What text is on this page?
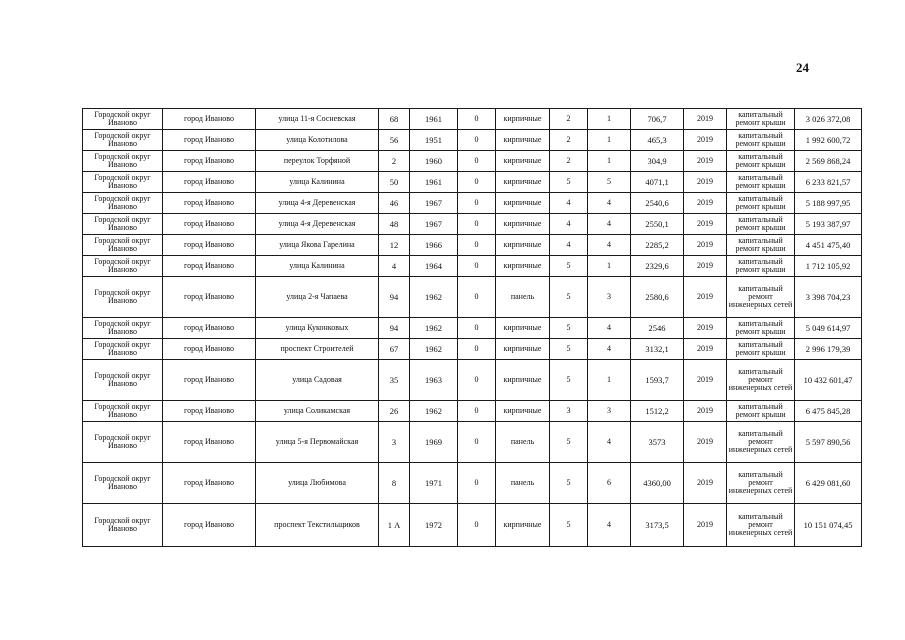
24
Городской округ Иваново	город Иваново	улица 11-я Сосневская	68	1961	0	кирпичные	2	1	706,7	2019	капитальный ремонт крыши	3 026 372,08
Городской округ Иваново	город Иваново	улица Колотилова	56	1951	0	кирпичные	2	1	465,3	2019	капитальный ремонт крыши	1 992 600,72
Городской округ Иваново	город Иваново	переулок Торфяной	2	1960	0	кирпичные	2	1	304,9	2019	капитальный ремонт крыши	2 569 868,24
Городской округ Иваново	город Иваново	улица Калинина	50	1961	0	кирпичные	5	5	4071,1	2019	капитальный ремонт крыши	6 233 821,57
Городской округ Иваново	город Иваново	улица 4-я Деревенская	46	1967	0	кирпичные	4	4	2540,6	2019	капитальный ремонт крыши	5 188 997,95
Городской округ Иваново	город Иваново	улица 4-я Деревенская	48	1967	0	кирпичные	4	4	2550,1	2019	капитальный ремонт крыши	5 193 387,97
Городской округ Иваново	город Иваново	улица Якова Гарелина	12	1966	0	кирпичные	4	4	2285,2	2019	капитальный ремонт крыши	4 451 475,40
Городской округ Иваново	город Иваново	улица Калинина	4	1964	0	кирпичные	5	1	2329,6	2019	капитальный ремонт крыши	1 712 105,92
Городской округ Иваново	город Иваново	улица 2-я Чапаева	94	1962	0	панель	5	3	2580,6	2019	капитальный ремонт инженерных сетей	3 398 704,23
Городской округ Иваново	город Иваново	улица Куконковых	94	1962	0	кирпичные	5	4	2546	2019	капитальный ремонт крыши	5 049 614,97
Городской округ Иваново	город Иваново	проспект Строителей	67	1962	0	кирпичные	5	4	3132,1	2019	капитальный ремонт крыши	2 996 179,39
Городской округ Иваново	город Иваново	улица Садовая	35	1963	0	кирпичные	5	1	1593,7	2019	капитальный ремонт инженерных сетей	10 432 601,47
Городской округ Иваново	город Иваново	улица Соликамская	26	1962	0	кирпичные	3	3	1512,2	2019	капитальный ремонт крыши	6 475 845,28
Городской округ Иваново	город Иваново	улица 5-я Первомайская	3	1969	0	панель	5	4	3573	2019	капитальный ремонт инженерных сетей	5 597 890,56
Городской округ Иваново	город Иваново	улица Любимова	8	1971	0	панель	5	6	4360,00	2019	капитальный ремонт инженерных сетей	6 429 081,60
Городской округ Иваново	город Иваново	проспект Текстильщиков	1 А	1972	0	кирпичные	5	4	3173,5	2019	капитальный ремонт инженерных сетей	10 151 074,45
